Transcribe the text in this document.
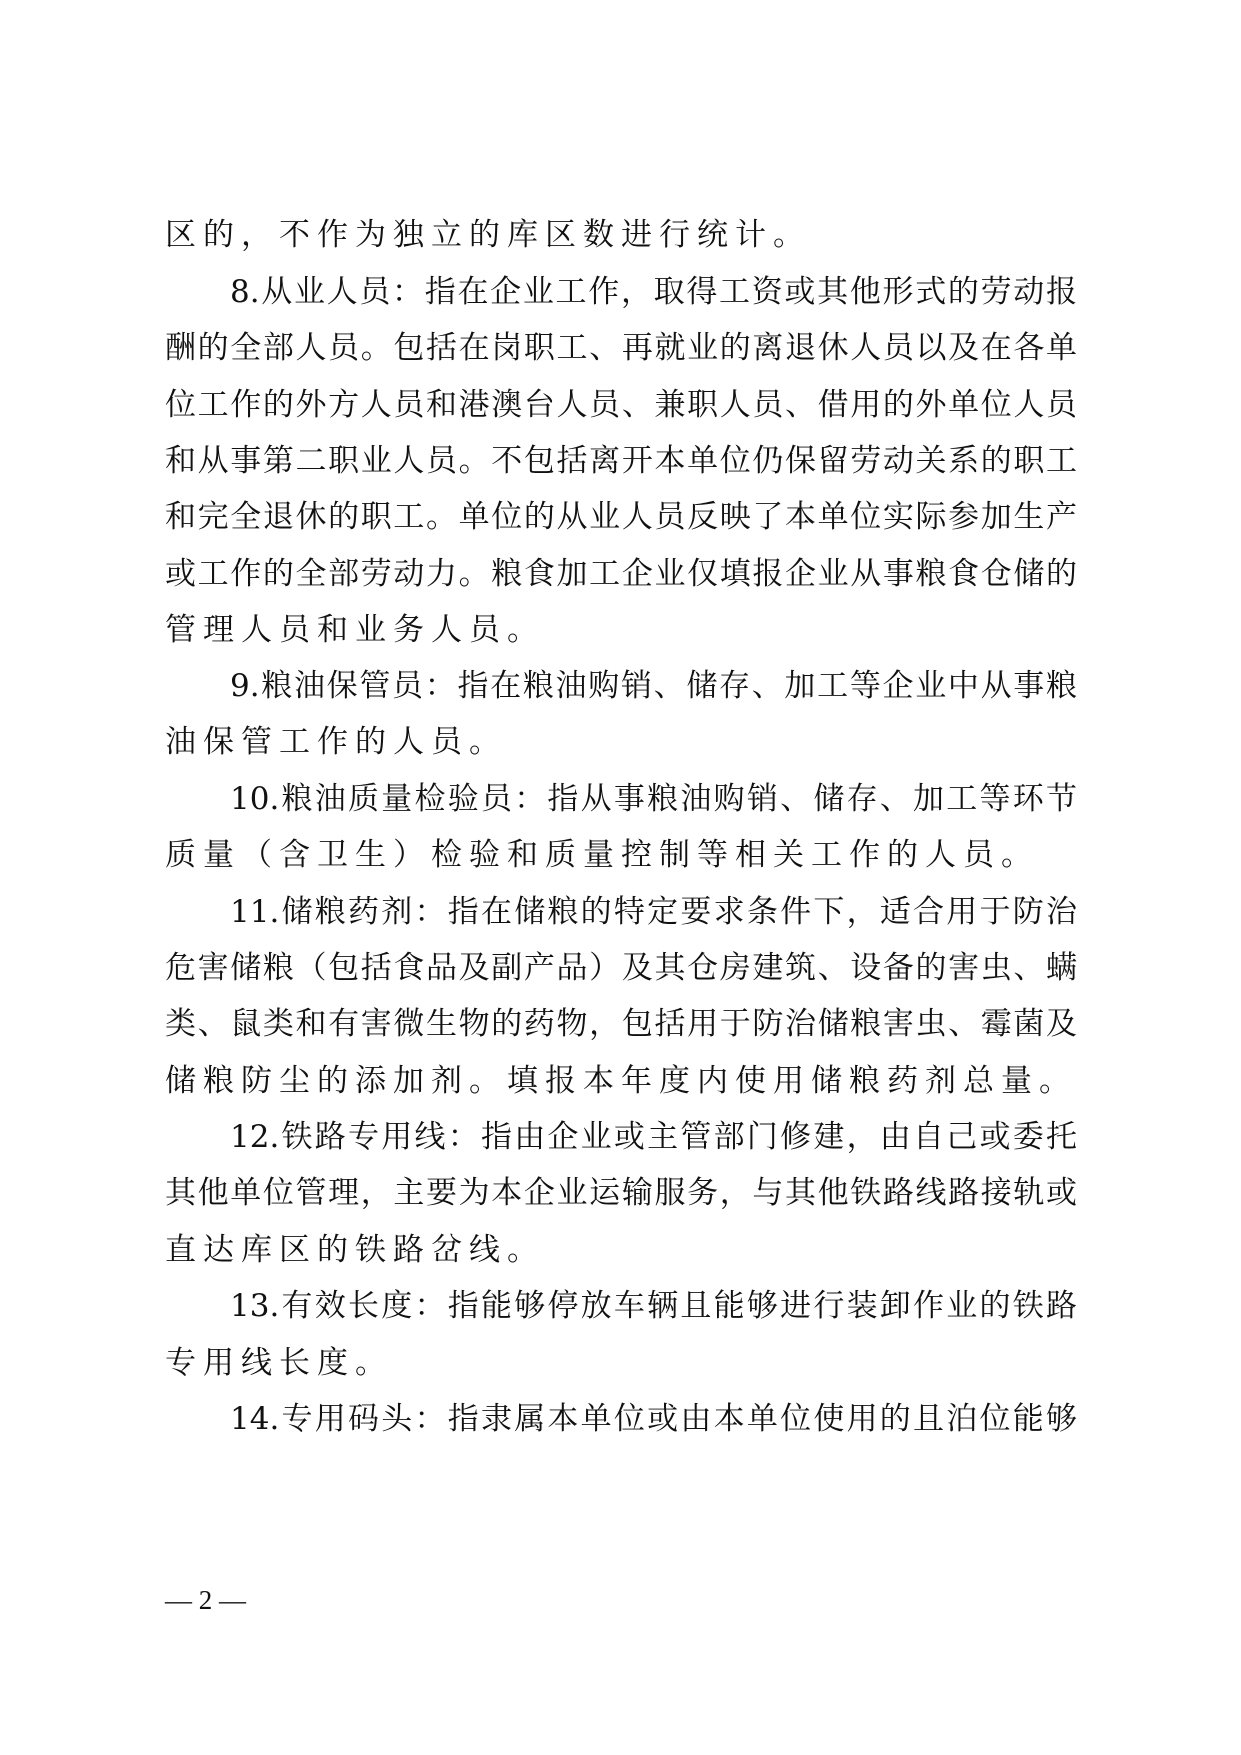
区的，不作为独立的库区数进行统计。
8.从业人员：指在企业工作，取得工资或其他形式的劳动报
酬的全部人员。包括在岗职工、再就业的离退休人员以及在各单
位工作的外方人员和港澳台人员、兼职人员、借用的外单位人员
和从事第二职业人员。不包括离开本单位仍保留劳动关系的职工
和完全退休的职工。单位的从业人员反映了本单位实际参加生产
或工作的全部劳动力。粮食加工企业仅填报企业从事粮食仓储的
管理人员和业务人员。
9.粮油保管员：指在粮油购销、储存、加工等企业中从事粮
油保管工作的人员。
10.粮油质量检验员：指从事粮油购销、储存、加工等环节
质量（含卫生）检验和质量控制等相关工作的人员。
11.储粮药剂：指在储粮的特定要求条件下，适合用于防治
危害储粮（包括食品及副产品）及其仓房建筑、设备的害虫、螨
类、鼠类和有害微生物的药物，包括用于防治储粮害虫、霉菌及
储粮防尘的添加剂。填报本年度内使用储粮药剂总量。
12.铁路专用线：指由企业或主管部门修建，由自己或委托
其他单位管理，主要为本企业运输服务，与其他铁路线路接轨或
直达库区的铁路岔线。
13.有效长度：指能够停放车辆且能够进行装卸作业的铁路
专用线长度。
14.专用码头：指隶属本单位或由本单位使用的且泊位能够
— 2 —
